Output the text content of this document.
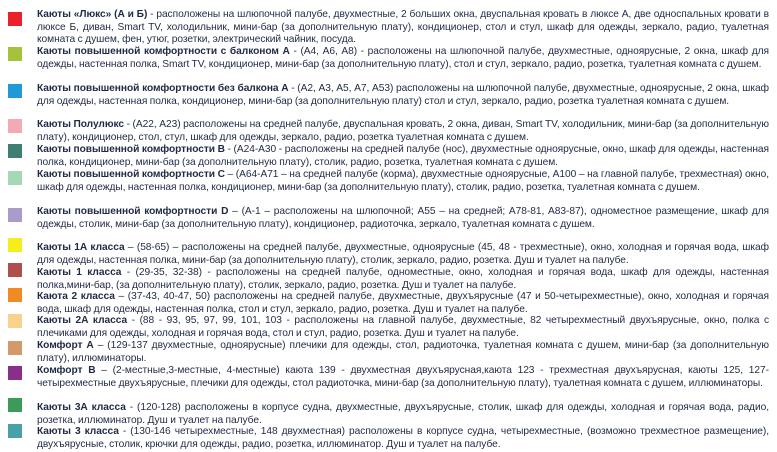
Каюты «Люкс» (А и Б) - расположены на шлюпочной палубе, двухместные, 2 больших окна, двуспальная кровать в люксе А, две односпальных кровати в люксе Б, диван, Smart TV, холодильник, мини-бар (за дополнительную плату), кондиционер, стол и стул, шкаф для одежды, зеркало, радио, туалетная комната с душем, фен, утюг, розетки, электрический чайник, посуда.
Каюты повышенной комфортности с балконом А - (А4, А6, А8) - расположены на шлюпочной палубе, двухместные, одноярусные, 2 окна, шкаф для одежды, настенная полка, Smart TV, кондиционер, мини-бар (за дополнительную плату), стол и стул, зеркало, радио, розетка, туалетная комната с душем.
Каюты повышенной комфортности без балкона А - (А2, А3, А5, А7, А53) расположены на шлюпочной палубе, двухместные, одноярусные, 2 окна, шкаф для одежды, настенная полка, кондиционер, мини-бар (за дополнительную плату) стол и стул, зеркало, радио, розетка туалетная комната с душем.
Каюты Полулюкс - (А22, А23) расположены на средней палубе, двуспальная кровать, 2 окна, диван, Smart TV, холодильник, мини-бар (за дополнительную плату), кондиционер, стол, стул, шкаф для одежды, зеркало, радио, розетка туалетная комната с душем.
Каюты повышенной комфортности В - (А24-А30 - расположены на средней палубе (нос), двухместные одноярусные, окно, шкаф для одежды, настенная полка, кондиционер, мини-бар (за дополнительную плату), столик, радио, розетка, туалетная комната с душем.
Каюты повышенной комфортности С – (А64-А71 – на средней палубе (корма), двухместные одноярусные, А100 – на главной палубе, трехместная) окно, шкаф для одежды, настенная полка, кондиционер, мини-бар (за дополнительную плату), столик, радио, розетка, туалетная комната с душем.
Каюты повышенной комфортности D – (А-1 – расположены на шлюпочной; А55 – на средней; А78-81, А83-87), одноместное размещение, шкаф для одежды, столик, мини-бар (за дополнительную плату), кондиционер, радиоточка, зеркало, туалетная комната с душем.
Каюты 1А класса – (58-65) – расположены на средней палубе, двухместные, одноярусные (45, 48 - трехместные), окно, холодная и горячая вода, шкаф для одежды, настенная полка, мини-бар (за дополнительную плату), столик, зеркало, радио, розетка. Душ и туалет на палубе.
Каюты 1 класса - (29-35, 32-38) - расположены на средней палубе, одноместные, окно, холодная и горячая вода, шкаф для одежды, настенная полка,мини-бар, (за дополнительную плату), столик, зеркало, радио, розетка. Душ и туалет на палубе.
Каюта 2 класса – (37-43, 40-47, 50) расположены на средней палубе, двухместные, двухъярусные (47 и 50-четырехместные), окно, холодная и горячая вода, шкаф для одежды, настенная полка, стол и стул, зеркало, радио, розетка. Душ и туалет на палубе.
Каюты 2А класса - (88 - 93, 95, 97, 99, 101, 103 - расположены на главной палубе, двухместные, 82 четырехместный двухъярусные, окно, полка с плечиками для одежды, холодная и горячая вода, стол и стул, радио, розетка. Душ и туалет на палубе.
Комфорт А – (129-137 двухместные, одноярусные) плечики для одежды, стол, радиоточка, туалетная комната с душем, мини-бар (за дополнительную плату), иллюминаторы.
Комфорт В – (2-местные,3-местные, 4-местные) каюта 139 - двухместная двухъярусная,каюта 123 - трехместная двухъярусная, каюты 125, 127- четырехместные двухъярусные, плечики для одежды, стол радиоточка, мини-бар (за дополнительную плату), туалетная комната с душем, иллюминаторы.
Каюты 3А класса - (120-128) расположены в корпусе судна, двухместные, двухъярусные, столик, шкаф для одежды, холодная и горячая вода, радио, розетка, иллюминатор. Душ и туалет на палубе.
Каюты 3 класса - (130-146 четырехместные, 148 двухместная) расположены в корпусе судна, четырехместные, (возможно трехместное размещение), двухъярусные, столик, крючки для одежды, радио, розетка, иллюминатор. Душ и туалет на палубе.
